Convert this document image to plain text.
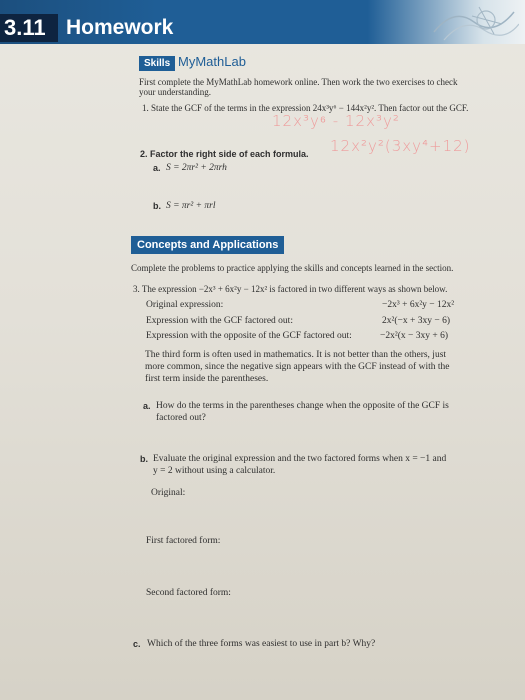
3.11 Homework
Skills MyMathLab
First complete the MyMathLab homework online. Then work the two exercises to check
your understanding.
1. State the GCF of the terms in the expression 24x³y⁶ − 144x²y². Then factor out the GCF.
12x³y⁶ - 12x³y²
12x²y²(3xy⁴+12)
2. Factor the right side of each formula.
a. S = 2πr² + 2πrh
b. S = πr² + πrl
Concepts and Applications
Complete the problems to practice applying the skills and concepts learned in the section.
3. The expression −2x³ + 6x²y − 12x² is factored in two different ways as shown below.
Original expression:	−2x³ + 6x²y − 12x²
Expression with the GCF factored out:	2x²(−x + 3xy − 6)
Expression with the opposite of the GCF factored out:	−2x²(x − 3xy + 6)
The third form is often used in mathematics. It is not better than the others, just
more common, since the negative sign appears with the GCF instead of with the
first term inside the parentheses.
a. How do the terms in the parentheses change when the opposite of the GCF is
factored out?
b. Evaluate the original expression and the two factored forms when x = −1 and
y = 2 without using a calculator.
Original:
First factored form:
Second factored form:
c. Which of the three forms was easiest to use in part b? Why?
